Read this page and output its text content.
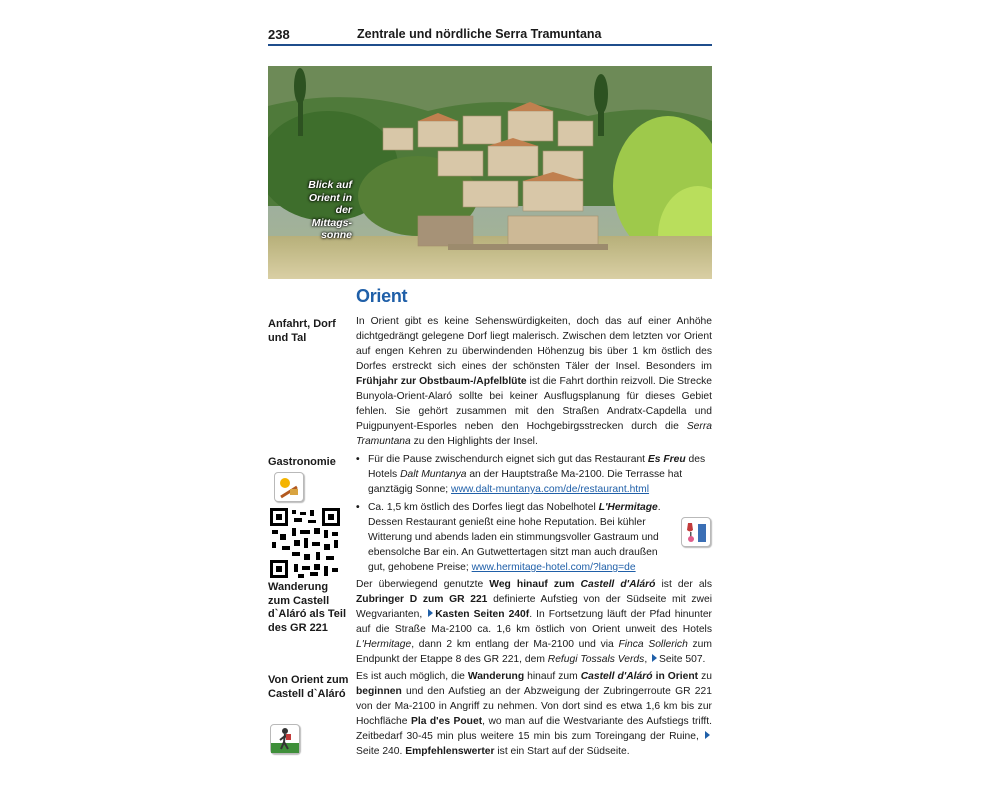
238	Zentrale und nördliche Serra Tramuntana
Blick auf Orient in der Mittags-sonne
Orient
Anfahrt, Dorf und Tal
In Orient gibt es keine Sehenswürdigkeiten, doch das auf einer Anhöhe dichtgedrängt gelegene Dorf liegt malerisch. Zwischen dem letzten vor Orient auf engen Kehren zu überwindenden Höhenzug bis über 1 km östlich des Dorfes erstreckt sich eines der schönsten Täler der Insel. Besonders im Frühjahr zur Obstbaum-/Apfelblüte ist die Fahrt dorthin reizvoll. Die Strecke Bunyola-Orient-Alaró sollte bei keiner Ausflugsplanung für dieses Gebiet fehlen. Sie gehört zusammen mit den Straßen Andratx-Capdella und Puigpunyent-Esporles neben den Hochgebirgsstrecken durch die Serra Tramuntana zu den Highlights der Insel.
Gastronomie	• Für die Pause zwischendurch eignet sich gut das Restaurant Es Freu des Hotels Dalt Muntanya an der Hauptstraße Ma-2100. Die Terrasse hat ganztägig Sonne; www.dalt-muntanya.com/de/restaurant.html
• Ca. 1,5 km östlich des Dorfes liegt das Nobelhotel L'Hermitage. Dessen Restaurant genießt eine hohe Reputation. Bei kühler Witterung und abends laden ein stimmungsvoller Gastraum und ebensolche Bar ein. An Gutwettertagen sitzt man auch draußen gut, gehobene Preise; www.hermitage-hotel.com/?lang=de
Wanderung zum Castell d`Aláró als Teil des GR 221
Der überwiegend genutzte Weg hinauf zum Castell d'Aláró ist der als Zubringer D zum GR 221 definierte Aufstieg von der Südseite mit zwei Wegvarianten, Kasten Seiten 240f. In Fortsetzung läuft der Pfad hinunter auf die Straße Ma-2100 ca. 1,6 km östlich von Orient unweit des Hotels L'Hermitage, dann 2 km entlang der Ma-2100 und via Finca Sollerich zum Endpunkt der Etappe 8 des GR 221, dem Refugi Tossals Verds, Seite 507.
Von Orient zum Castell d`Aláró
Es ist auch möglich, die Wanderung hinauf zum Castell d'Aláró in Orient zu beginnen und den Aufstieg an der Abzweigung der Zubringerroute GR 221 von der Ma-2100 in Angriff zu nehmen. Von dort sind es etwa 1,6 km bis zur Hochfläche Pla d'es Pouet, wo man auf die Westvariante des Aufstiegs trifft. Zeitbedarf 30-45 min plus weitere 15 min bis zum Toreingang der Ruine, Seite 240. Empfehlenswerter ist ein Start auf der Südseite.
